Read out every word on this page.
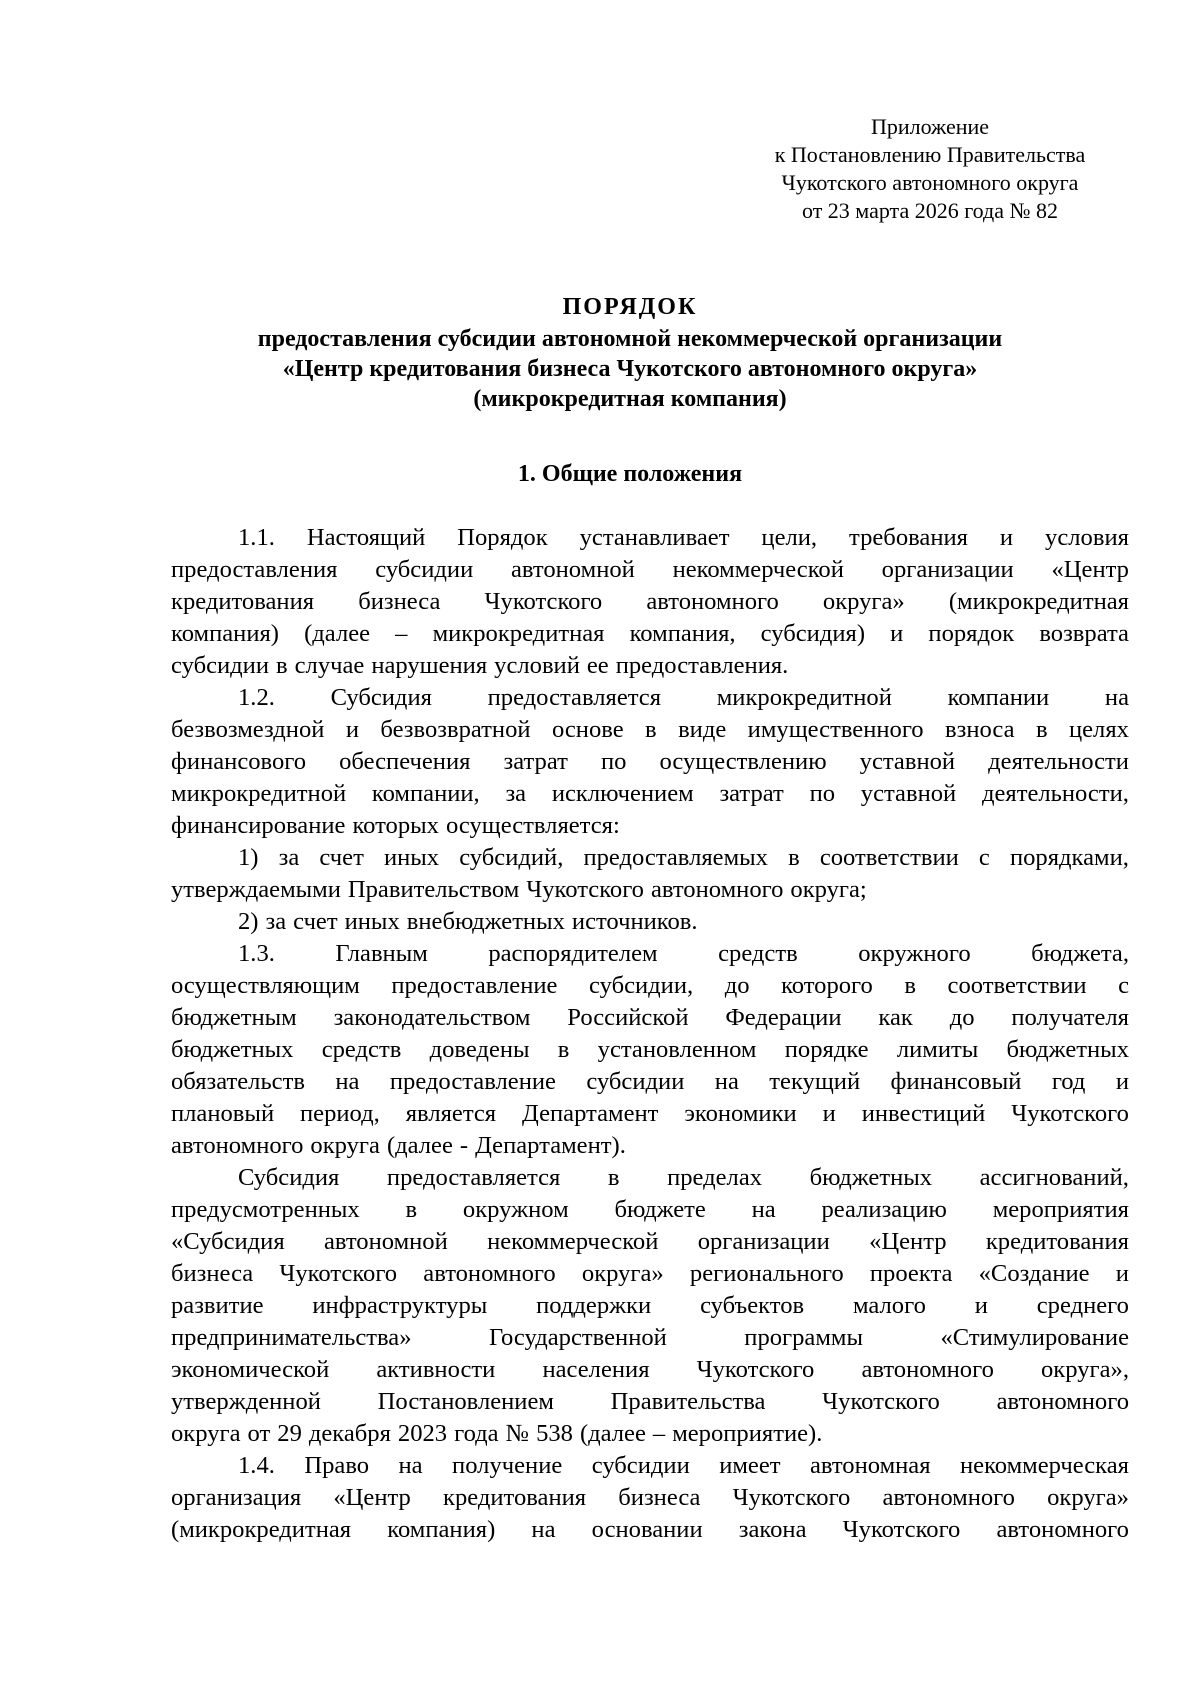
Приложение
к Постановлению Правительства
Чукотского автономного округа
от 23 марта 2026 года № 82
ПОРЯДОК
предоставления субсидии автономной некоммерческой организации
«Центр кредитования бизнеса Чукотского автономного округа»
(микрокредитная компания)
1. Общие положения
1.1. Настоящий Порядок устанавливает цели, требования и условия
предоставления субсидии автономной некоммерческой организации «Центр
кредитования бизнеса Чукотского автономного округа» (микрокредитная
компания) (далее – микрокредитная компания, субсидия) и порядок возврата
субсидии в случае нарушения условий ее предоставления.
1.2. Субсидия предоставляется микрокредитной компании на
безвозмездной и безвозвратной основе в виде имущественного взноса в целях
финансового обеспечения затрат по осуществлению уставной деятельности
микрокредитной компании, за исключением затрат по уставной деятельности,
финансирование которых осуществляется:
1) за счет иных субсидий, предоставляемых в соответствии с порядками,
утверждаемыми Правительством Чукотского автономного округа;
2) за счет иных внебюджетных источников.
1.3. Главным распорядителем средств окружного бюджета,
осуществляющим предоставление субсидии, до которого в соответствии с
бюджетным законодательством Российской Федерации как до получателя
бюджетных средств доведены в установленном порядке лимиты бюджетных
обязательств на предоставление субсидии на текущий финансовый год и
плановый период, является Департамент экономики и инвестиций Чукотского
автономного округа (далее - Департамент).
Субсидия предоставляется в пределах бюджетных ассигнований,
предусмотренных в окружном бюджете на реализацию мероприятия
«Субсидия автономной некоммерческой организации «Центр кредитования
бизнеса Чукотского автономного округа» регионального проекта «Создание и
развитие инфраструктуры поддержки субъектов малого и среднего
предпринимательства»	Государственной	программы	«Стимулирование
экономической активности населения Чукотского автономного округа»,
утвержденной Постановлением Правительства Чукотского автономного
округа от 29 декабря 2023 года № 538 (далее – мероприятие).
1.4. Право на получение субсидии имеет автономная некоммерческая
организация «Центр кредитования бизнеса Чукотского автономного округа»
(микрокредитная компания) на основании закона Чукотского автономного
